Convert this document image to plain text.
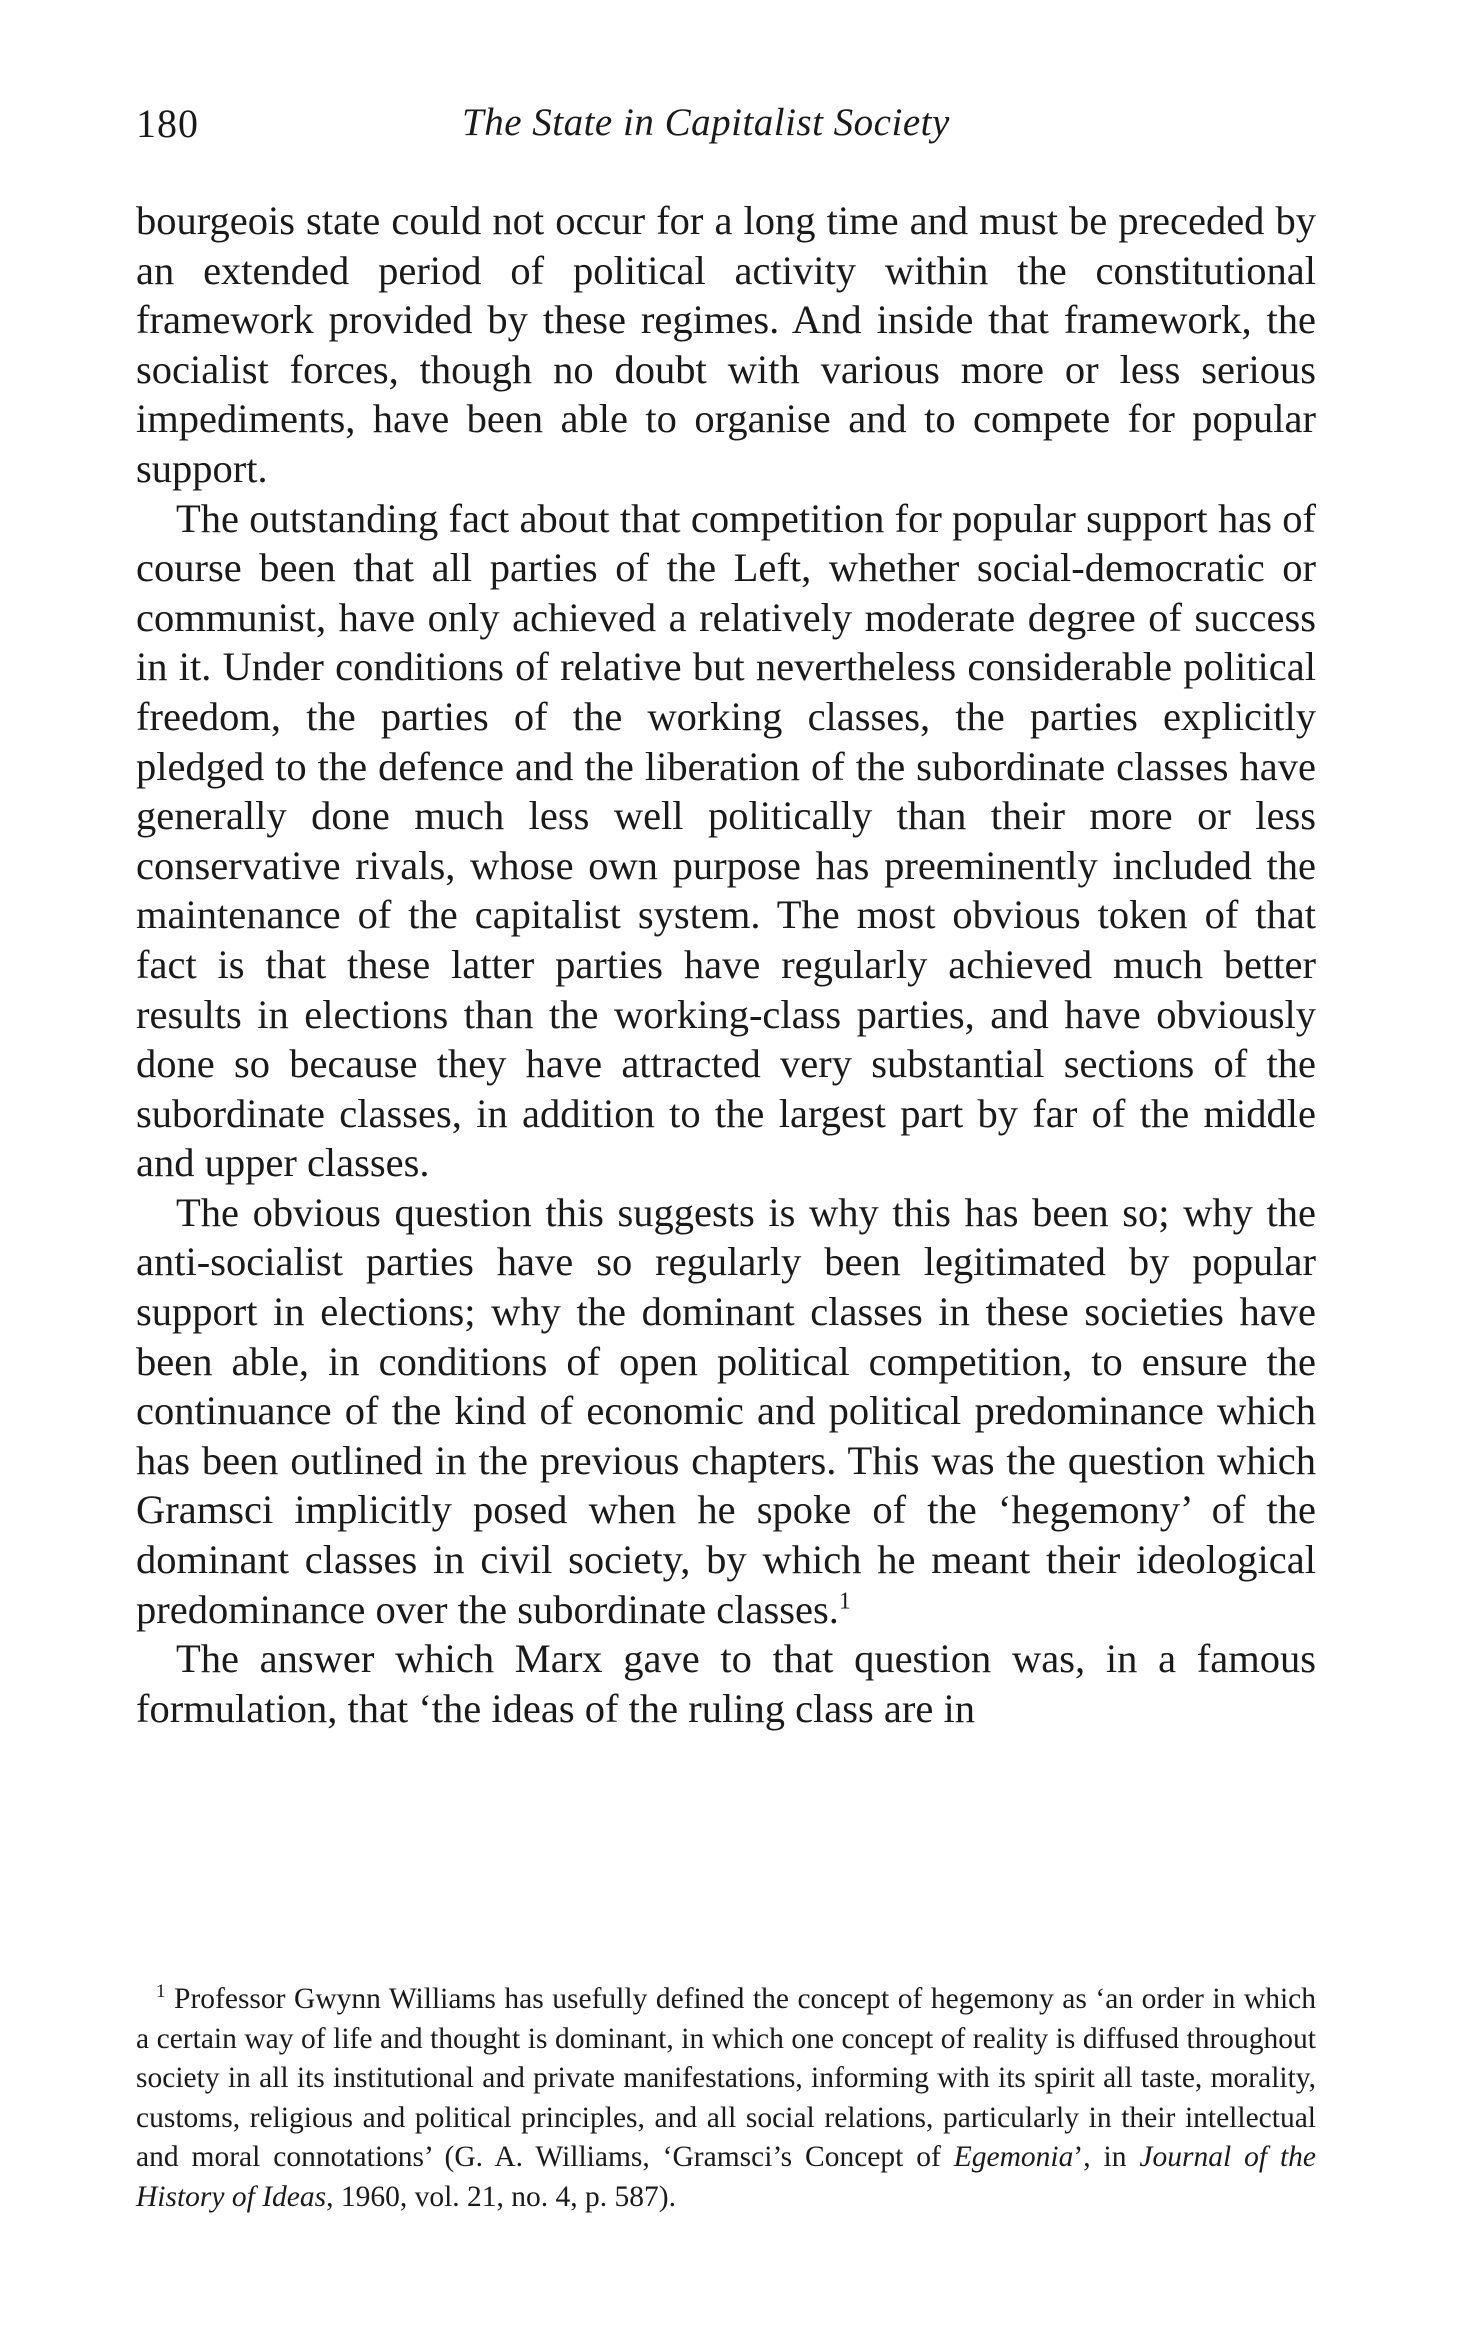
180	The State in Capitalist Society

bourgeois state could not occur for a long time and must be preceded by an extended period of political activity within the constitutional framework provided by these regimes. And inside that framework, the socialist forces, though no doubt with various more or less serious impediments, have been able to organise and to compete for popular support.

The outstanding fact about that competition for popular support has of course been that all parties of the Left, whether social-democratic or communist, have only achieved a relatively moderate degree of success in it. Under conditions of relative but nevertheless considerable political freedom, the parties of the working classes, the parties explicitly pledged to the defence and the liberation of the subordinate classes have generally done much less well politically than their more or less conservative rivals, whose own purpose has preeminently included the maintenance of the capitalist system. The most obvious token of that fact is that these latter parties have regularly achieved much better results in elections than the working-class parties, and have obviously done so because they have attracted very substantial sections of the subordinate classes, in addition to the largest part by far of the middle and upper classes.

The obvious question this suggests is why this has been so; why the anti-socialist parties have so regularly been legitimated by popular support in elections; why the dominant classes in these societies have been able, in conditions of open political competition, to ensure the continuance of the kind of economic and political predominance which has been outlined in the previous chapters. This was the question which Gramsci implicitly posed when he spoke of the ‘hegemony’ of the dominant classes in civil society, by which he meant their ideological predominance over the subordinate classes.$^1$

The answer which Marx gave to that question was, in a famous formulation, that ‘the ideas of the ruling class are in

$^1$ Professor Gwynn Williams has usefully defined the concept of hegemony as ‘an order in which a certain way of life and thought is dominant, in which one concept of reality is diffused throughout society in all its institutional and private manifestations, informing with its spirit all taste, morality, customs, religious and political principles, and all social relations, particularly in their intellectual and moral connotations’ (G. A. Williams, ‘Gramsci’s Concept of Egemonia’, in Journal of the History of Ideas, 1960, vol. 21, no. 4, p. 587).
